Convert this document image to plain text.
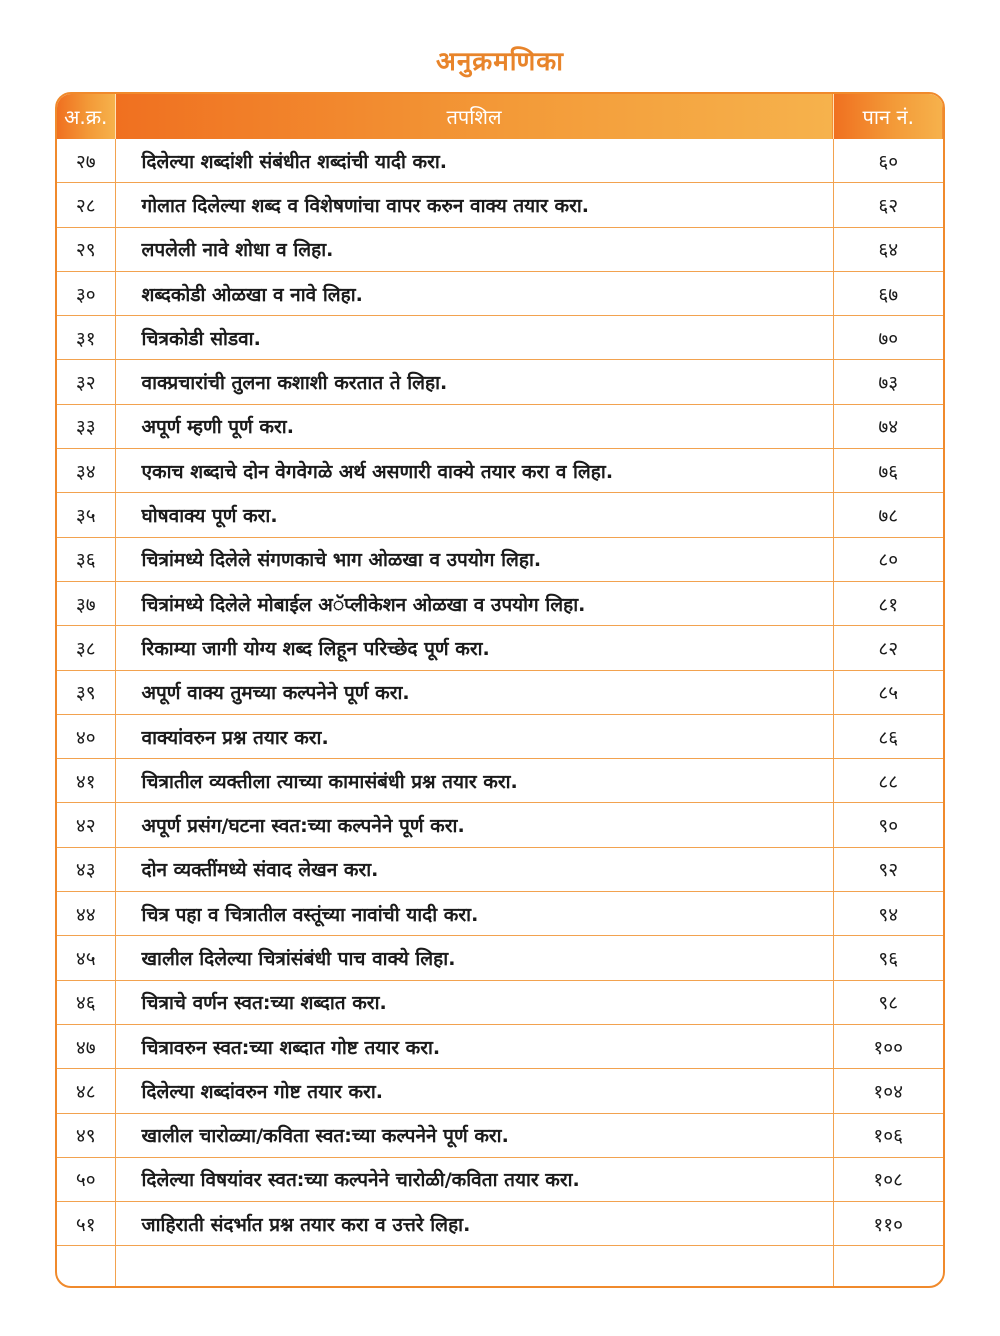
अनुक्रमणिका
अ.क्र.	तपशिल	पान नं.
२७	दिलेल्या शब्दांशी संबंधीत शब्दांची यादी करा.	६०
२८	गोलात दिलेल्या शब्द व विशेषणांचा वापर करुन वाक्य तयार करा.	६२
२९	लपलेली नावे शोधा व लिहा.	६४
३०	शब्दकोडी ओळखा व नावे लिहा.	६७
३१	चित्रकोडी सोडवा.	७०
३२	वाक्प्रचारांची तुलना कशाशी करतात ते लिहा.	७३
३३	अपूर्ण म्हणी पूर्ण करा.	७४
३४	एकाच शब्दाचे दोन वेगवेगळे अर्थ असणारी वाक्ये तयार करा व लिहा.	७६
३५	घोषवाक्य पूर्ण करा.	७८
३६	चित्रांमध्ये दिलेले संगणकाचे भाग ओळखा व उपयोग लिहा.	८०
३७	चित्रांमध्ये दिलेले मोबाईल अॅप्लीकेशन ओळखा व उपयोग लिहा.	८१
३८	रिकाम्या जागी योग्य शब्द लिहून परिच्छेद पूर्ण करा.	८२
३९	अपूर्ण वाक्य तुमच्या कल्पनेने पूर्ण करा.	८५
४०	वाक्यांवरुन प्रश्न तयार करा.	८६
४१	चित्रातील व्यक्तीला त्याच्या कामासंबंधी प्रश्न तयार करा.	८८
४२	अपूर्ण प्रसंग/घटना स्वत:च्या कल्पनेने पूर्ण करा.	९०
४३	दोन व्यक्तींमध्ये संवाद लेखन करा.	९२
४४	चित्र पहा व चित्रातील वस्तूंच्या नावांची यादी करा.	९४
४५	खालील दिलेल्या चित्रांसंबंधी पाच वाक्ये लिहा.	९६
४६	चित्राचे वर्णन स्वत:च्या शब्दात करा.	९८
४७	चित्रावरुन स्वत:च्या शब्दात गोष्ट तयार करा.	१००
४८	दिलेल्या शब्दांवरुन गोष्ट तयार करा.	१०४
४९	खालील चारोळ्या/कविता स्वत:च्या कल्पनेने पूर्ण करा.	१०६
५०	दिलेल्या विषयांवर स्वत:च्या कल्पनेने चारोळी/कविता तयार करा.	१०८
५१	जाहिराती संदर्भात प्रश्न तयार करा व उत्तरे लिहा.	११०
